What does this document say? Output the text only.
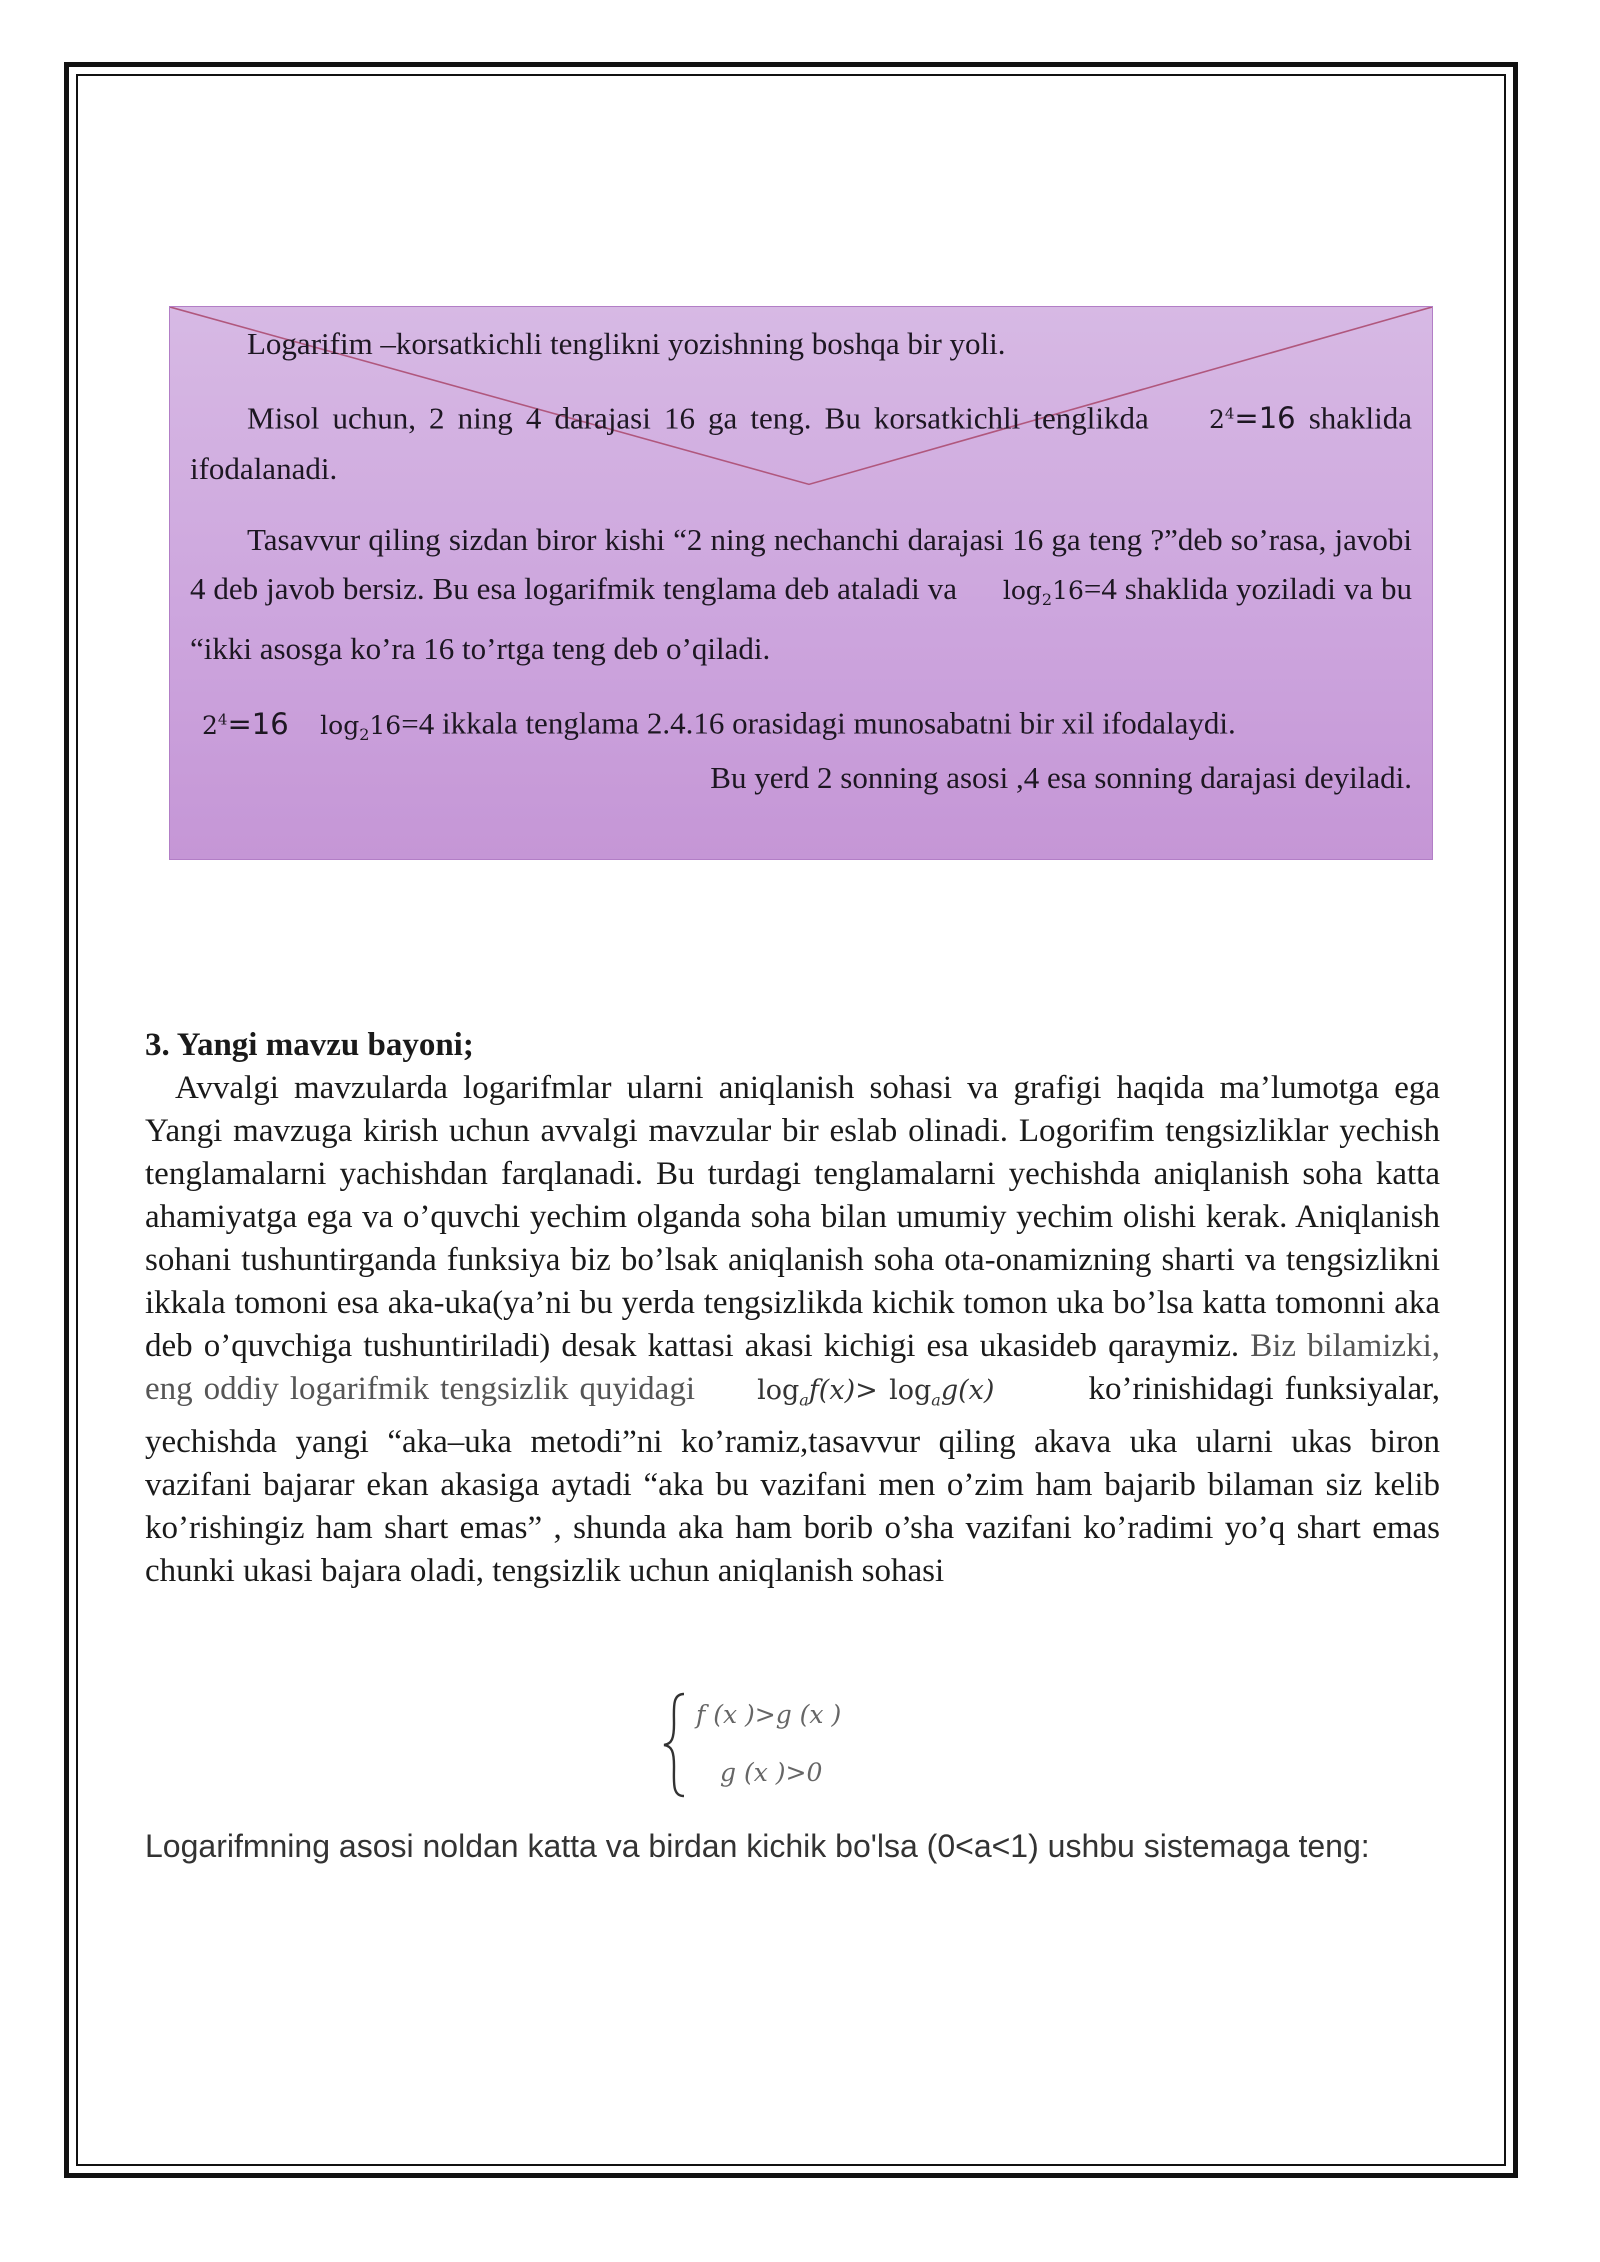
Logarifim –korsatkichli tenglikni yozishning boshqa bir yoli.

Misol uchun, 2 ning 4 darajasi 16 ga teng. Bu korsatkichli tenglikda $2^4=16$ shaklida ifodalanadi.

Tasavvur qiling sizdan biror kishi “2 ning nechanchi darajasi 16 ga teng ?”deb so’rasa, javobi 4 deb javob bersiz. Bu esa logarifmik tenglama deb ataladi va $\log_216=4$ shaklida yoziladi va bu “ikki asosga ko’ra 16 to’rtga teng deb o’qiladi.

$2^4=16$ $\log_216=4$ ikkala tenglama 2.4.16 orasidagi munosabatni bir xil ifodalaydi.

Bu yerd 2 sonning asosi ,4 esa sonning darajasi deyiladi.

3. Yangi mavzu bayoni;

Avvalgi mavzularda logarifmlar ularni aniqlanish sohasi va grafigi haqida ma’lumotga ega Yangi mavzuga kirish uchun avvalgi mavzular bir eslab olinadi. Logorifim tengsizliklar yechish tenglamalarni yachishdan farqlanadi. Bu turdagi tenglamalarni yechishda aniqlanish soha katta ahamiyatga ega va o’quvchi yechim olganda soha bilan umumiy yechim olishi kerak. Aniqlanish sohani tushuntirganda funksiya biz bo’lsak aniqlanish soha ota-onamizning sharti va tengsizlikni ikkala tomoni esa aka-uka(ya’ni bu yerda tengsizlikda kichik tomon uka bo’lsa katta tomonni aka deb o’quvchiga tushuntiriladi) desak kattasi akasi kichigi esa ukasideb qaraymiz. Biz bilamizki, eng oddiy logarifmik tengsizlik quyidagi $\log_af(x)> \log_ag(x)$	ko’rinishidagi funksiyalar, yechishda yangi “aka–uka metodi”ni ko’ramiz,tasavvur qiling akava uka ularni ukas biron vazifani bajarar ekan akasiga aytadi “aka bu vazifani men o’zim ham bajarib bilaman siz kelib ko’rishingiz ham shart emas” , shunda aka ham borib o’sha vazifani ko’radimi yo’q shart emas chunki ukasi bajara oladi, tengsizlik uchun aniqlanish sohasi

f (x )>g (x )
g (x )>0
Logarifmning asosi noldan katta va birdan kichik bo'lsa (0<a<1) ushbu sistemaga teng:
